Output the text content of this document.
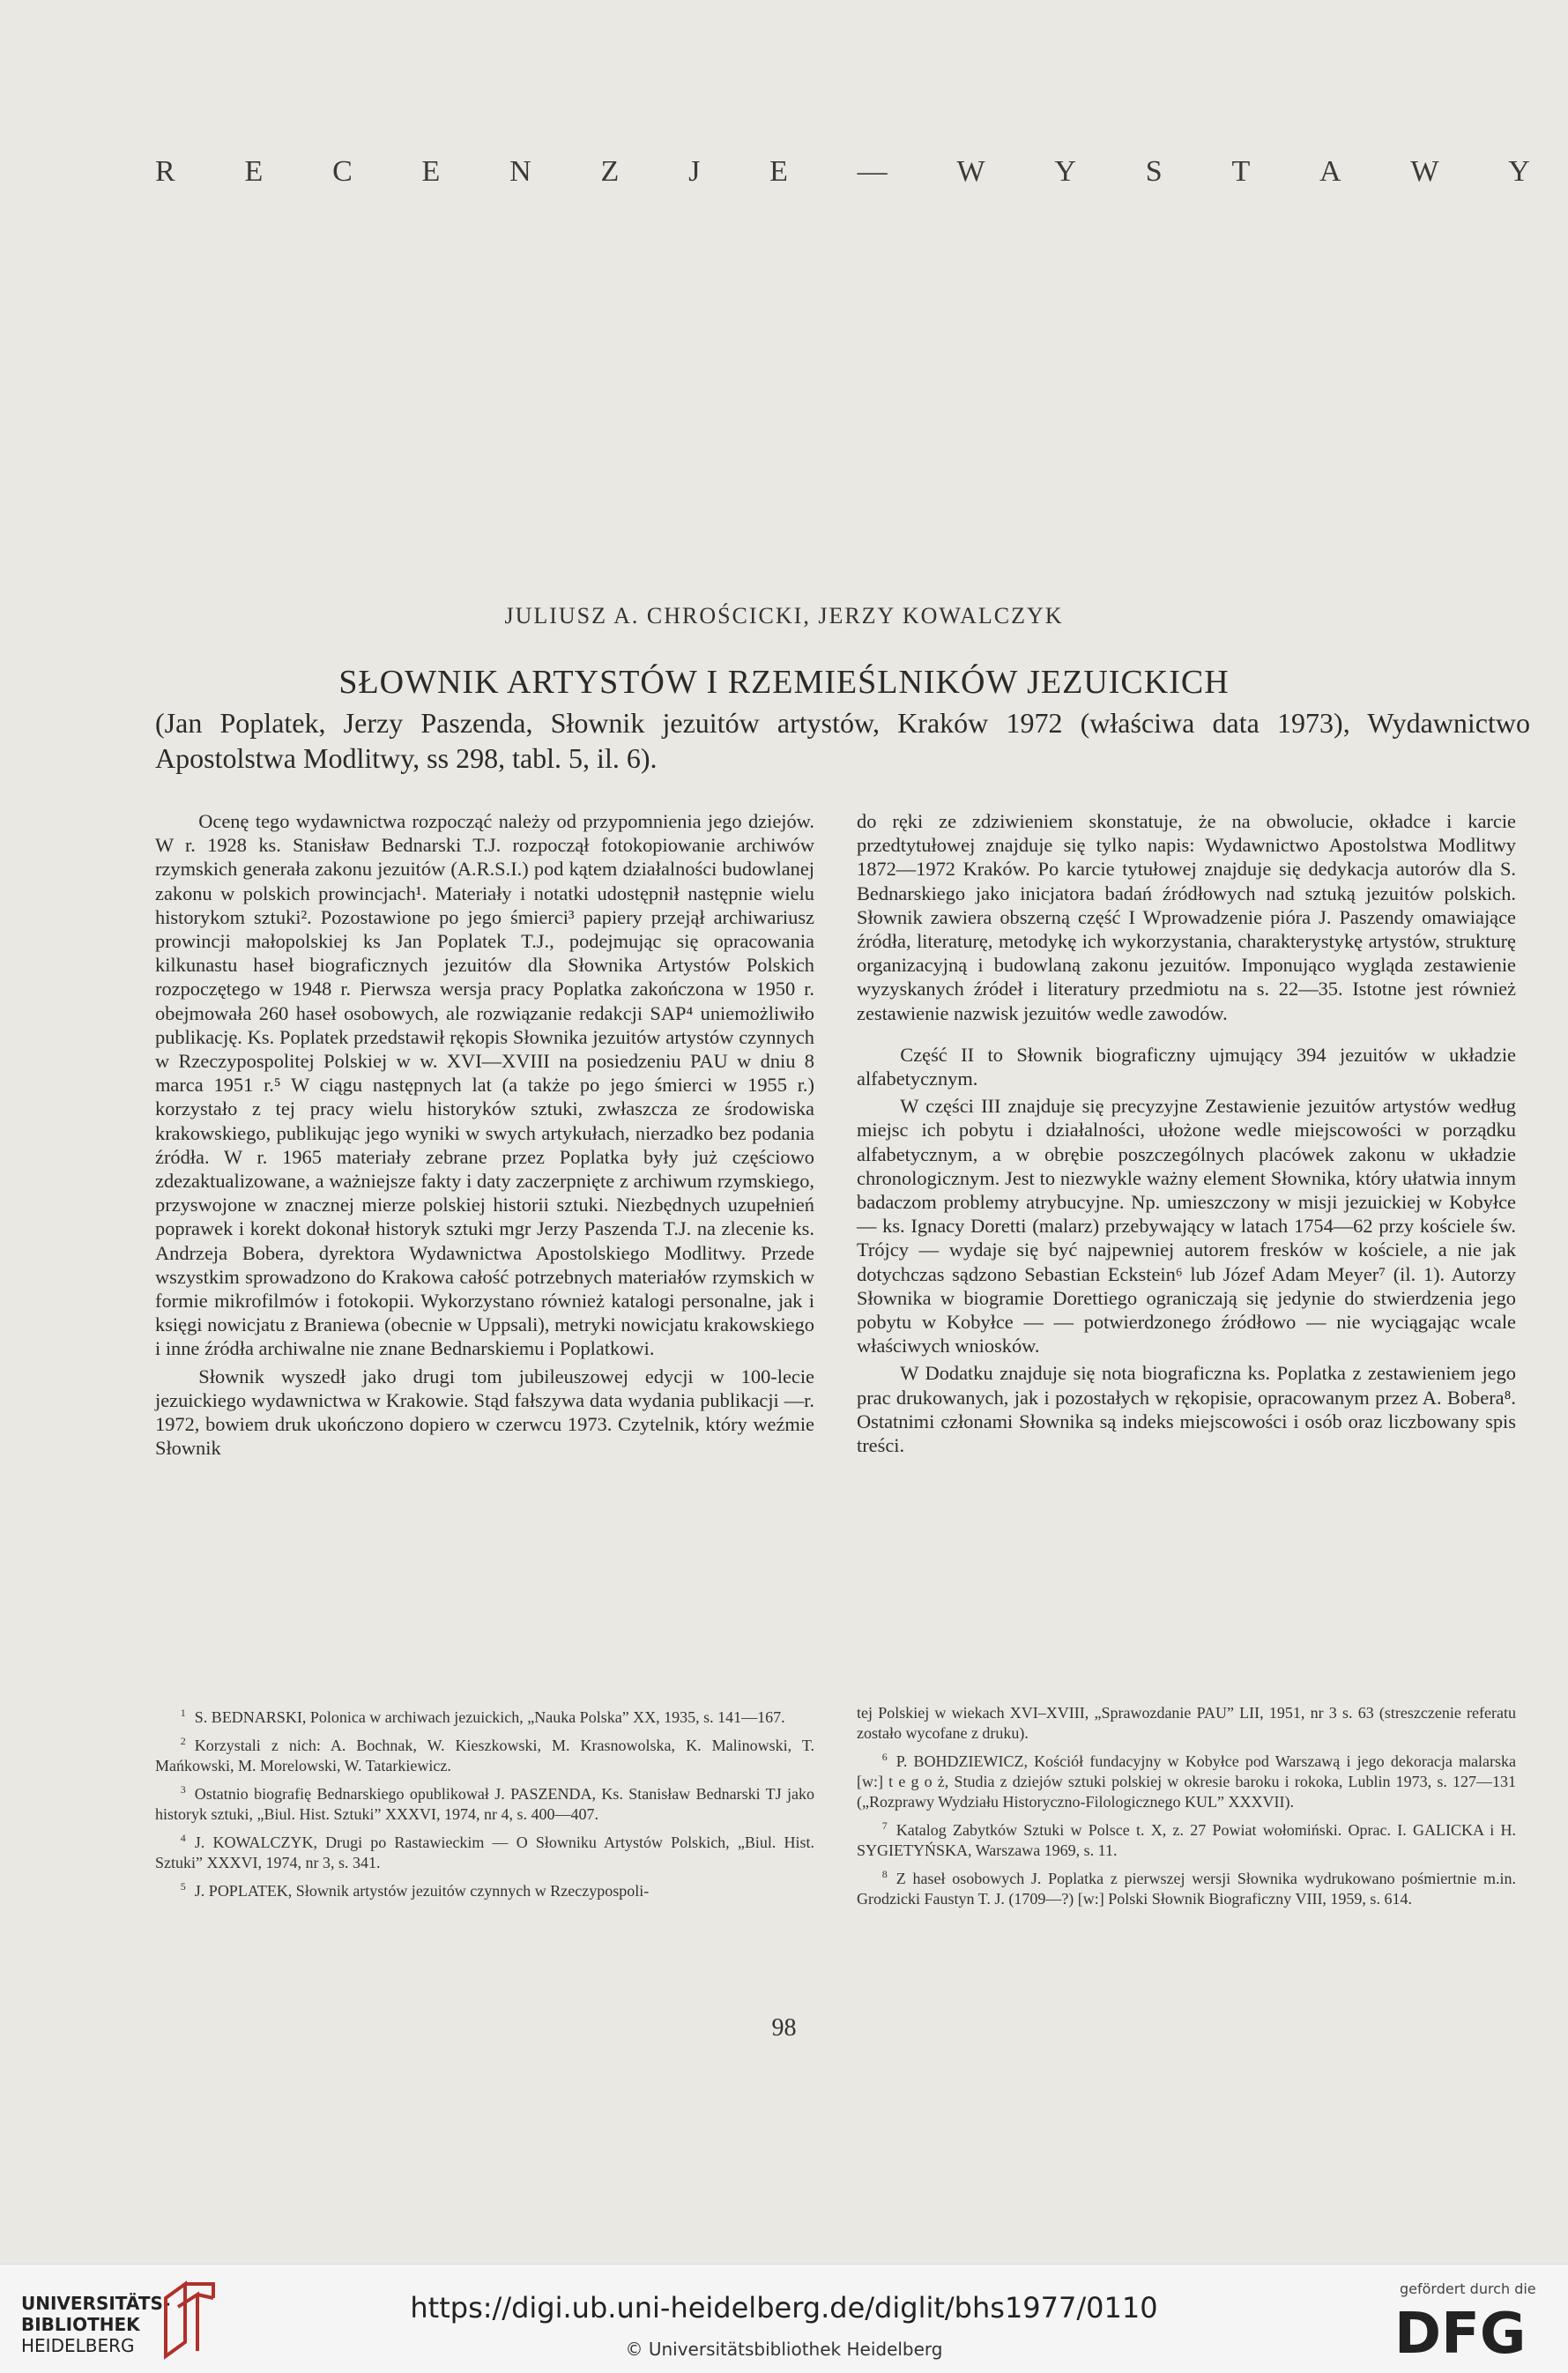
R E C E N Z J E — W Y S T A W Y
JULIUSZ A. CHROŚCICKI, JERZY KOWALCZYK
SŁOWNIK ARTYSTÓW I RZEMIEŚLNIKÓW JEZUICKICH
(Jan Poplatek, Jerzy Paszenda, Słownik jezuitów artystów, Kraków 1972 (właściwa data 1973), Wydawnictwo Apostolstwa Modlitwy, ss 298, tabl. 5, il. 6).

Ocenę tego wydawnictwa rozpocząć należy od przypomnienia jego dziejów. W r. 1928 ks. Stanisław Bednarski T.J. rozpoczął fotokopiowanie archiwów rzymskich generała zakonu jezuitów (A.R.S.I.) pod kątem działalności budowlanej zakonu w polskich prowincjach¹. Materiały i notatki udostępnił następnie wielu historykom sztuki². Pozostawione po jego śmierci³ papiery przejął archiwariusz prowincji małopolskiej ks Jan Poplatek T.J., podejmując się opracowania kilkunastu haseł biograficznych jezuitów dla Słownika Artystów Polskich rozpoczętego w 1948 r. Pierwsza wersja pracy Poplatka zakończona w 1950 r. obejmowała 260 haseł osobowych, ale rozwiązanie redakcji SAP⁴ uniemożliwiło publikację. Ks. Poplatek przedstawił rękopis Słownika jezuitów artystów czynnych w Rzeczypospolitej Polskiej w w. XVI—XVIII na posiedzeniu PAU w dniu 8 marca 1951 r.⁵ W ciągu następnych lat (a także po jego śmierci w 1955 r.) korzystało z tej pracy wielu historyków sztuki, zwłaszcza ze środowiska krakowskiego, publikując jego wyniki w swych artykułach, nierzadko bez podania źródła. W r. 1965 materiały zebrane przez Poplatka były już częściowo zdezaktualizowane, a ważniejsze fakty i daty zaczerpnięte z archiwum rzymskiego, przyswojone w znacznej mierze polskiej historii sztuki. Niezbędnych uzupełnień poprawek i korekt dokonał historyk sztuki mgr Jerzy Paszenda T.J. na zlecenie ks. Andrzeja Bobera, dyrektora Wydawnictwa Apostolskiego Modlitwy. Przede wszystkim sprowadzono do Krakowa całość potrzebnych materiałów rzymskich w formie mikrofilmów i fotokopii. Wykorzystano również katalogi personalne, jak i księgi nowicjatu z Braniewa (obecnie w Uppsali), metryki nowicjatu krakowskiego i inne źródła archiwalne nie znane Bednarskiemu i Poplatkowi.

Słownik wyszedł jako drugi tom jubileuszowej edycji w 100-lecie jezuickiego wydawnictwa w Krakowie. Stąd fałszywa data wydania publikacji —r. 1972, bowiem druk ukończono dopiero w czerwcu 1973. Czytelnik, który weźmie Słownik

do ręki ze zdziwieniem skonstatuje, że na obwolucie, okładce i karcie przedtytułowej znajduje się tylko napis: Wydawnictwo Apostolstwa Modlitwy 1872—1972 Kraków. Po karcie tytułowej znajduje się dedykacja autorów dla S. Bednarskiego jako inicjatora badań źródłowych nad sztuką jezuitów polskich. Słownik zawiera obszerną część I Wprowadzenie pióra J. Paszendy omawiające źródła, literaturę, metodykę ich wykorzystania, charakterystykę artystów, strukturę organizacyjną i budowlaną zakonu jezuitów. Imponująco wygląda zestawienie wyzyskanych źródeł i literatury przedmiotu na s. 22—35. Istotne jest również zestawienie nazwisk jezuitów wedle zawodów.

Część II to Słownik biograficzny ujmujący 394 jezuitów w układzie alfabetycznym.

W części III znajduje się precyzyjne Zestawienie jezuitów artystów według miejsc ich pobytu i działalności, ułożone wedle miejscowości w porządku alfabetycznym, a w obrębie poszczególnych placówek zakonu w układzie chronologicznym. Jest to niezwykle ważny element Słownika, który ułatwia innym badaczom problemy atrybucyjne. Np. umieszczony w misji jezuickiej w Kobyłce — ks. Ignacy Doretti (malarz) przebywający w latach 1754—62 przy kościele św. Trójcy — wydaje się być najpewniej autorem fresków w kościele, a nie jak dotychczas sądzono Sebastian Eckstein⁶ lub Józef Adam Meyer⁷ (il. 1). Autorzy Słownika w biogramie Dorettiego ograniczają się jedynie do stwierdzenia jego pobytu w Kobyłce — — potwierdzonego źródłowo — nie wyciągając wcale właściwych wniosków.

W Dodatku znajduje się nota biograficzna ks. Poplatka z zestawieniem jego prac drukowanych, jak i pozostałych w rękopisie, opracowanym przez A. Bobera⁸. Ostatnimi członami Słownika są indeks miejscowości i osób oraz liczbowany spis treści.

$^1$ S. BEDNARSKI, Polonica w archiwach jezuickich, „Nauka Polska” XX, 1935, s. 141—167.
$^2$ Korzystali z nich: A. Bochnak, W. Kieszkowski, M. Krasnowolska, K. Malinowski, T. Mańkowski, M. Morelowski, W. Tatarkiewicz.
$^3$ Ostatnio biografię Bednarskiego opublikował J. PASZENDA, Ks. Stanisław Bednarski TJ jako historyk sztuki, „Biul. Hist. Sztuki” XXXVI, 1974, nr 4, s. 400—407.
$^4$ J. KOWALCZYK, Drugi po Rastawieckim — O Słowniku Artystów Polskich, „Biul. Hist. Sztuki” XXXVI, 1974, nr 3, s. 341.
$^5$ J. POPLATEK, Słownik artystów jezuitów czynnych w Rzeczypospoli-
tej Polskiej w wiekach XVI–XVIII, „Sprawozdanie PAU” LII, 1951, nr 3 s. 63 (streszczenie referatu zostało wycofane z druku).
$^6$ P. BOHDZIEWICZ, Kościół fundacyjny w Kobyłce pod Warszawą i jego dekoracja malarska [w:] t e g o ż, Studia z dziejów sztuki polskiej w okresie baroku i rokoka, Lublin 1973, s. 127—131 („Rozprawy Wydziału Historyczno-Filologicznego KUL” XXXVII).
$^7$ Katalog Zabytków Sztuki w Polsce t. X, z. 27 Powiat wołomiński. Oprac. I. GALICKA i H. SYGIETYŃSKA, Warszawa 1969, s. 11.
$^8$ Z haseł osobowych J. Poplatka z pierwszej wersji Słownika wydrukowano pośmiertnie m.in. Grodzicki Faustyn T. J. (1709—?) [w:] Polski Słownik Biograficzny VIII, 1959, s. 614.
98
UNIVERSITÄTS-
BIBLIOTHEK
HEIDELBERG
https://digi.ub.uni-heidelberg.de/diglit/bhs1977/0110
© Universitätsbibliothek Heidelberg
gefördert durch die
DFG
